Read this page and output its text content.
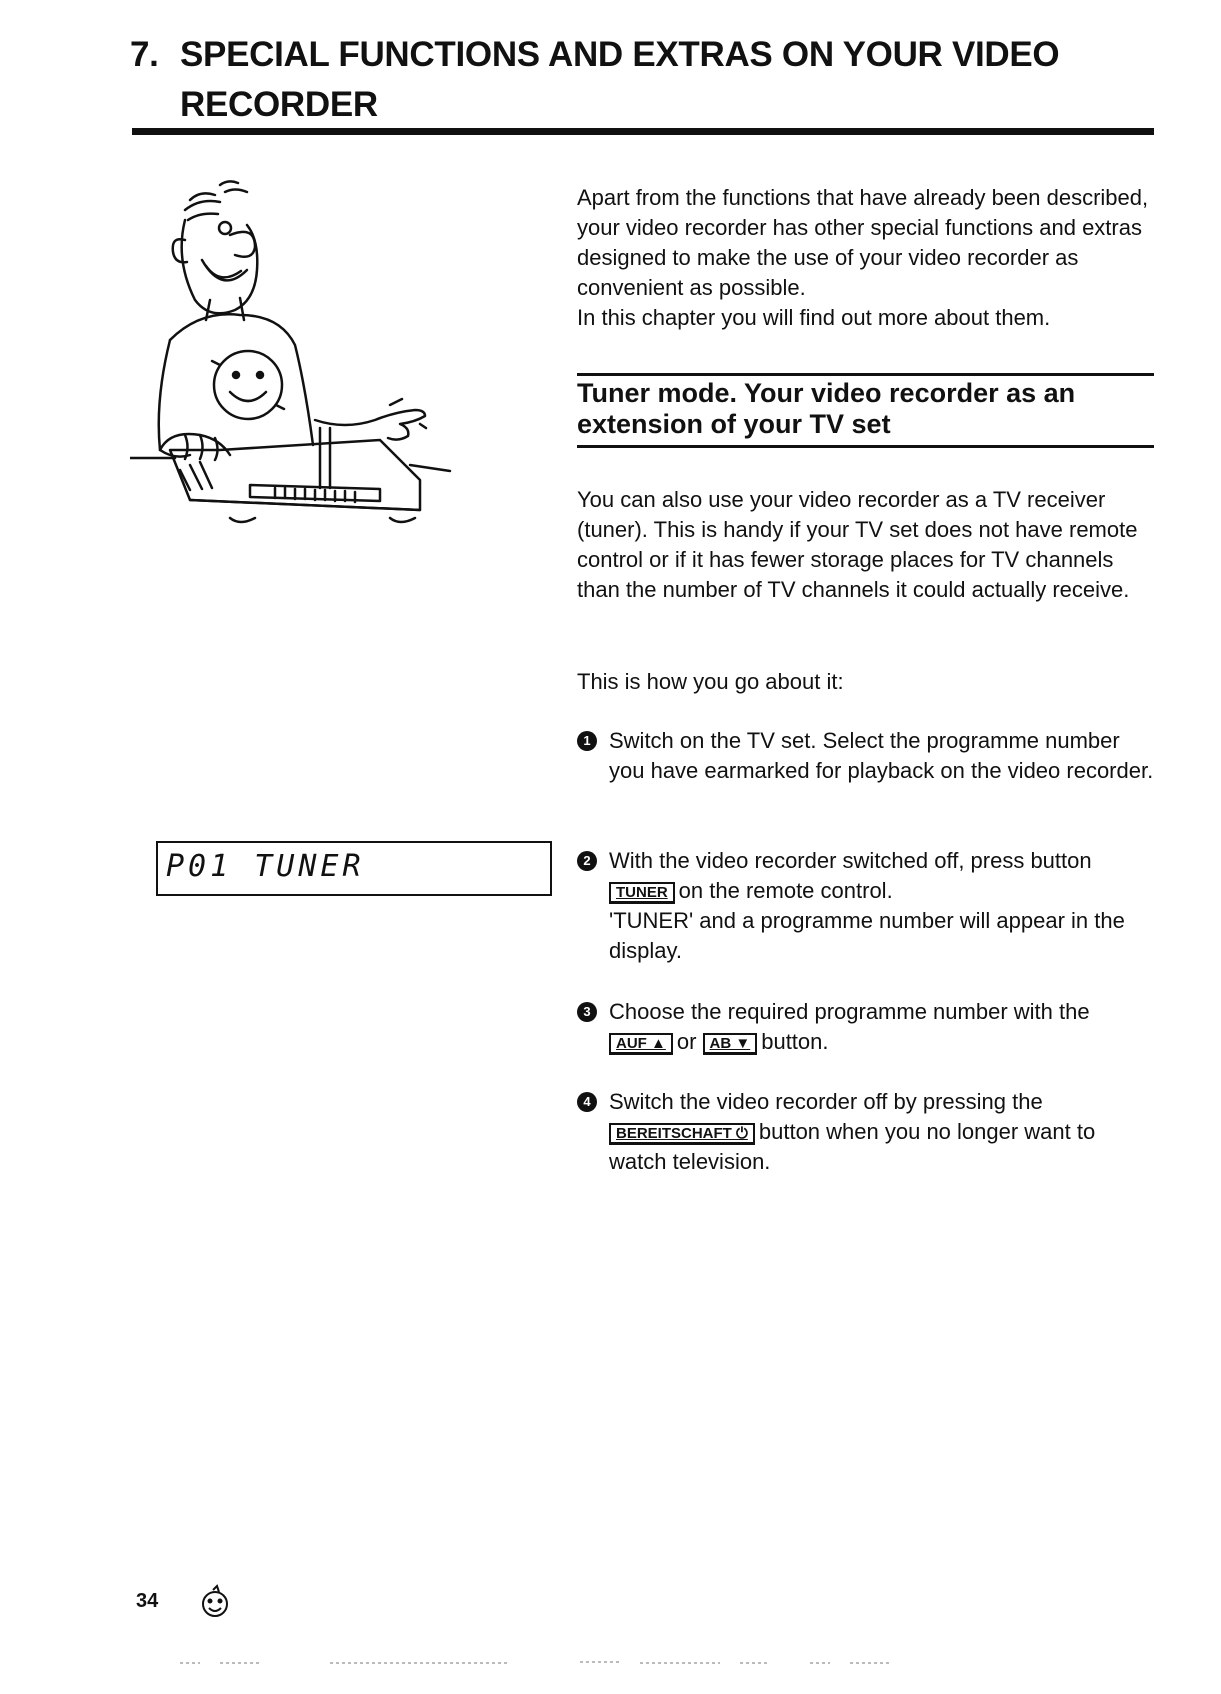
7. SPECIAL FUNCTIONS AND EXTRAS ON YOUR VIDEO
RECORDER
Apart from the functions that have already been described, your video recorder has other special functions and extras designed to make the use of your video recorder as convenient as possible.
In this chapter you will find out more about them.
Tuner mode. Your video recorder as an extension of your TV set
You can also use your video recorder as a TV receiver (tuner). This is handy if your TV set does not have remote control or if it has fewer storage places for TV channels than the number of TV channels it could actually receive.
This is how you go about it:
1 Switch on the TV set. Select the programme number you have earmarked for playback on the video recorder.
2 With the video recorder switched off, press button
TUNER on the remote control.
'TUNER' and a programme number will appear in the display.
3 Choose the required programme number with the
AUF ▲ or AB ▼ button.
4 Switch the video recorder off by pressing the
BEREITSCHAFT ⏻ button when you no longer want to watch television.
P01 TUNER
34
